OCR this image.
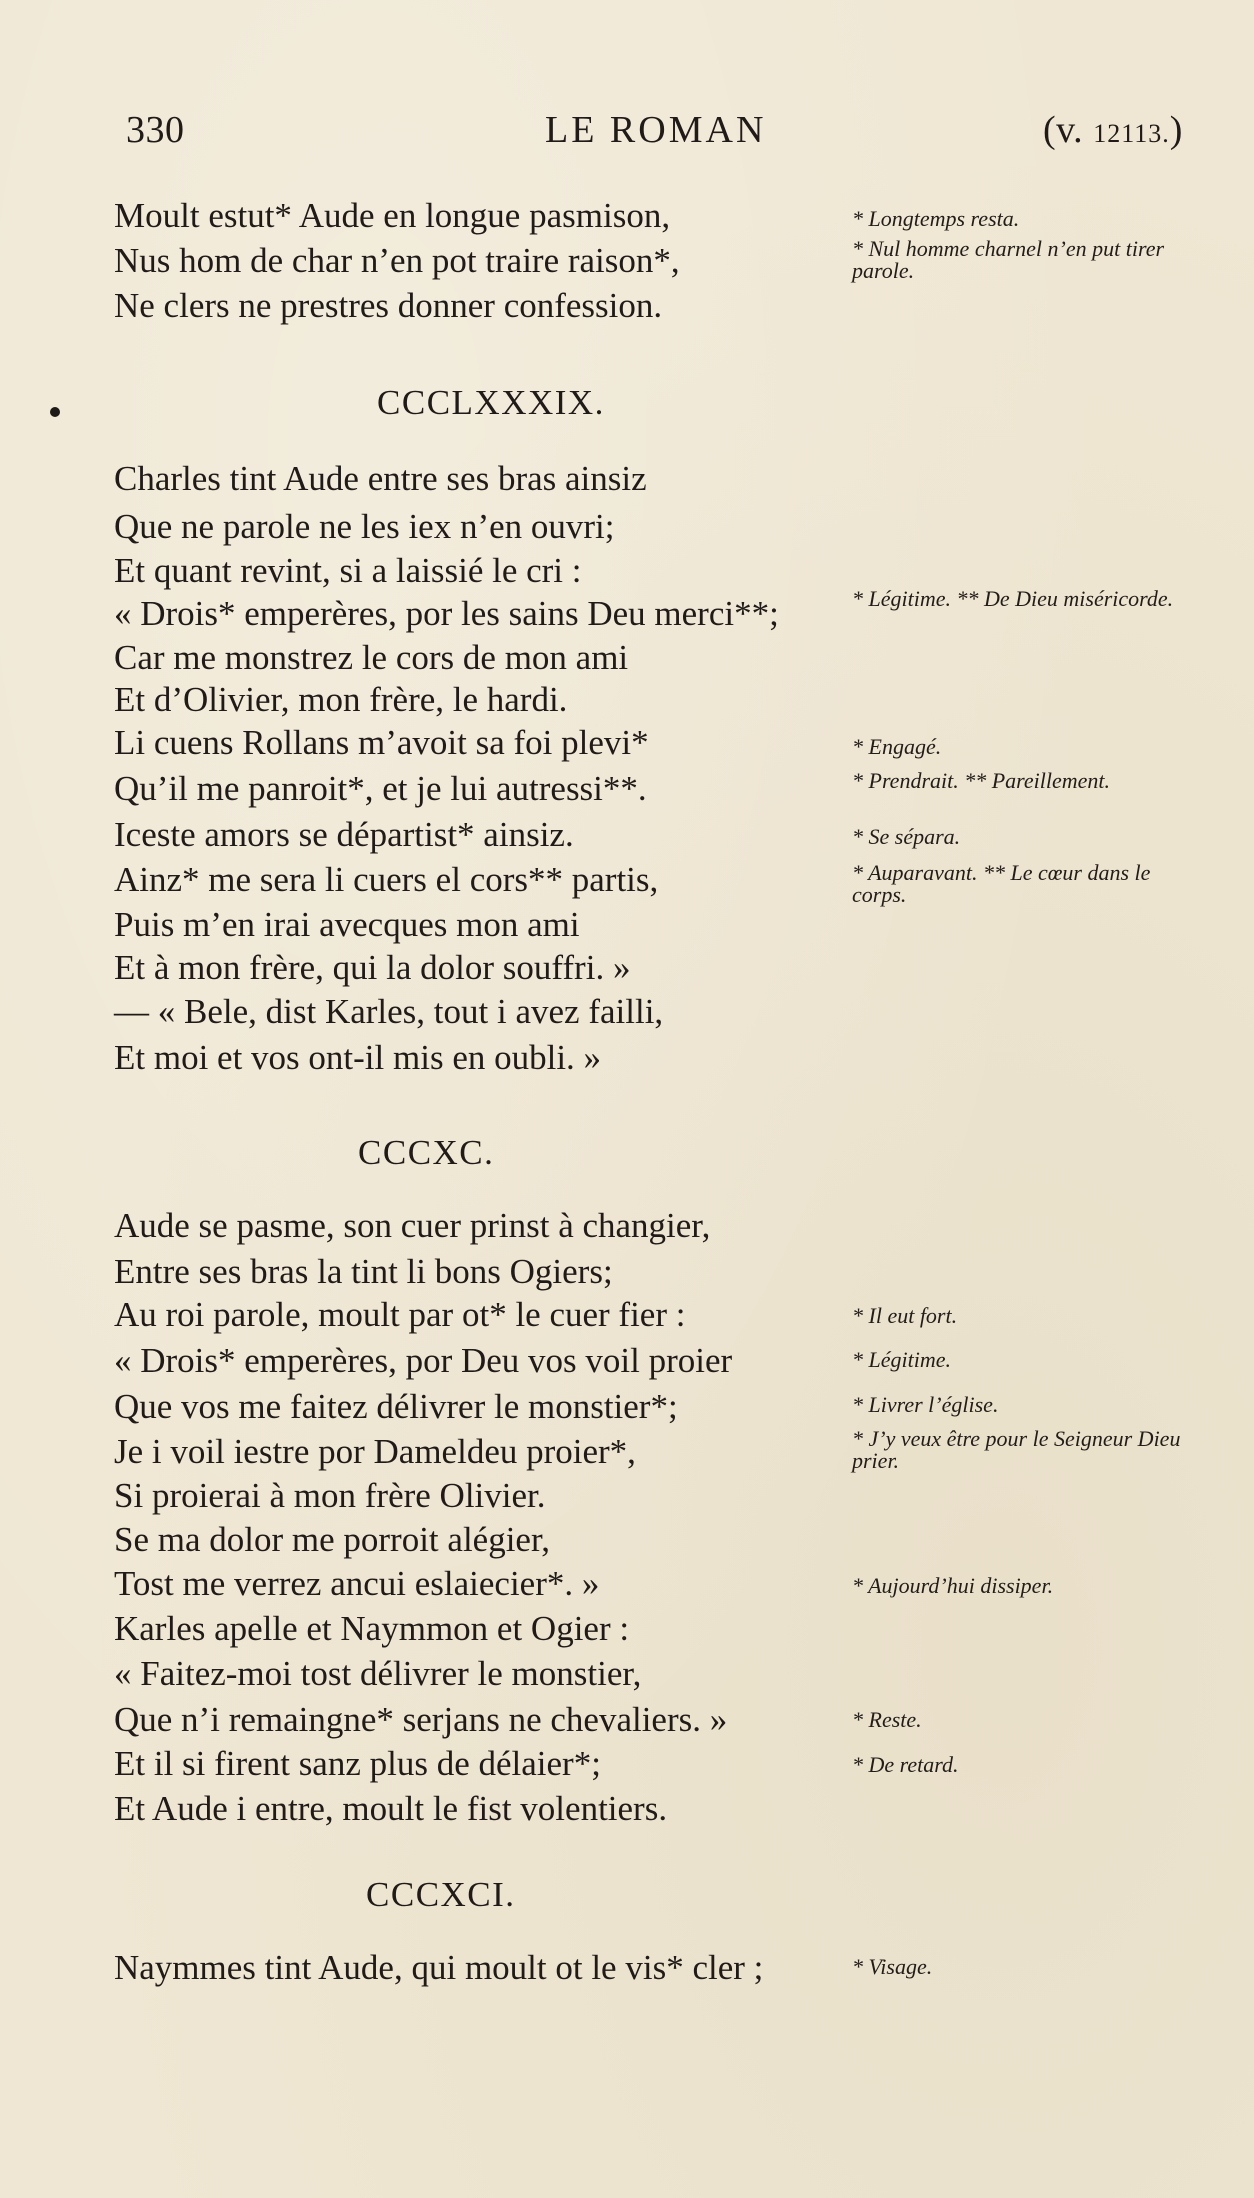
330	LE ROMAN	(v. 12113.)
Moult estut* Aude en longue pasmison,
Nus hom de char n’en pot traire raison*,
Ne clers ne prestres donner confession.
CCCLXXXIX.
Charles tint Aude entre ses bras ainsiz
Que ne parole ne les iex n’en ouvri;
Et quant revint, si a laissié le cri :
« Drois* emperères, por les sains Deu merci**;
Car me monstrez le cors de mon ami
Et d’Olivier, mon frère, le hardi.
Li cuens Rollans m’avoit sa foi plevi*
Qu’il me panroit*, et je lui autressi**.
Iceste amors se départist* ainsiz.
Ainz* me sera li cuers el cors** partis,
Puis m’en irai avecques mon ami
Et à mon frère, qui la dolor souffri. »
— « Bele, dist Karles, tout i avez failli,
Et moi et vos ont-il mis en oubli. »
CCCXC.
Aude se pasme, son cuer prinst à changier,
Entre ses bras la tint li bons Ogiers;
Au roi parole, moult par ot* le cuer fier :
« Drois* emperères, por Deu vos voil proier
Que vos me faitez délivrer le monstier*;
Je i voil iestre por Dameldeu proier*,
Si proierai à mon frère Olivier.
Se ma dolor me porroit alégier,
Tost me verrez ancui eslaiecier*. »
Karles apelle et Naymmon et Ogier :
« Faitez-moi tost délivrer le monstier,
Que n’i remaingne* serjans ne chevaliers. »
Et il si firent sanz plus de délaier*;
Et Aude i entre, moult le fist volentiers.
CCCXCI.
Naymmes tint Aude, qui moult ot le vis* cler ;
* Longtemps resta.
* Nul homme charnel n’en put tirer parole.
* Légitime. ** De Dieu miséricorde.
* Engagé.
* Prendrait. ** Pareillement.
* Se sépara.
* Auparavant. ** Le cœur dans le corps.
* Il eut fort.
* Légitime.
* Livrer l’église.
* J’y veux être pour le Seigneur Dieu prier.
* Aujourd’hui dissiper.
* Reste.
* De retard.
* Visage.
